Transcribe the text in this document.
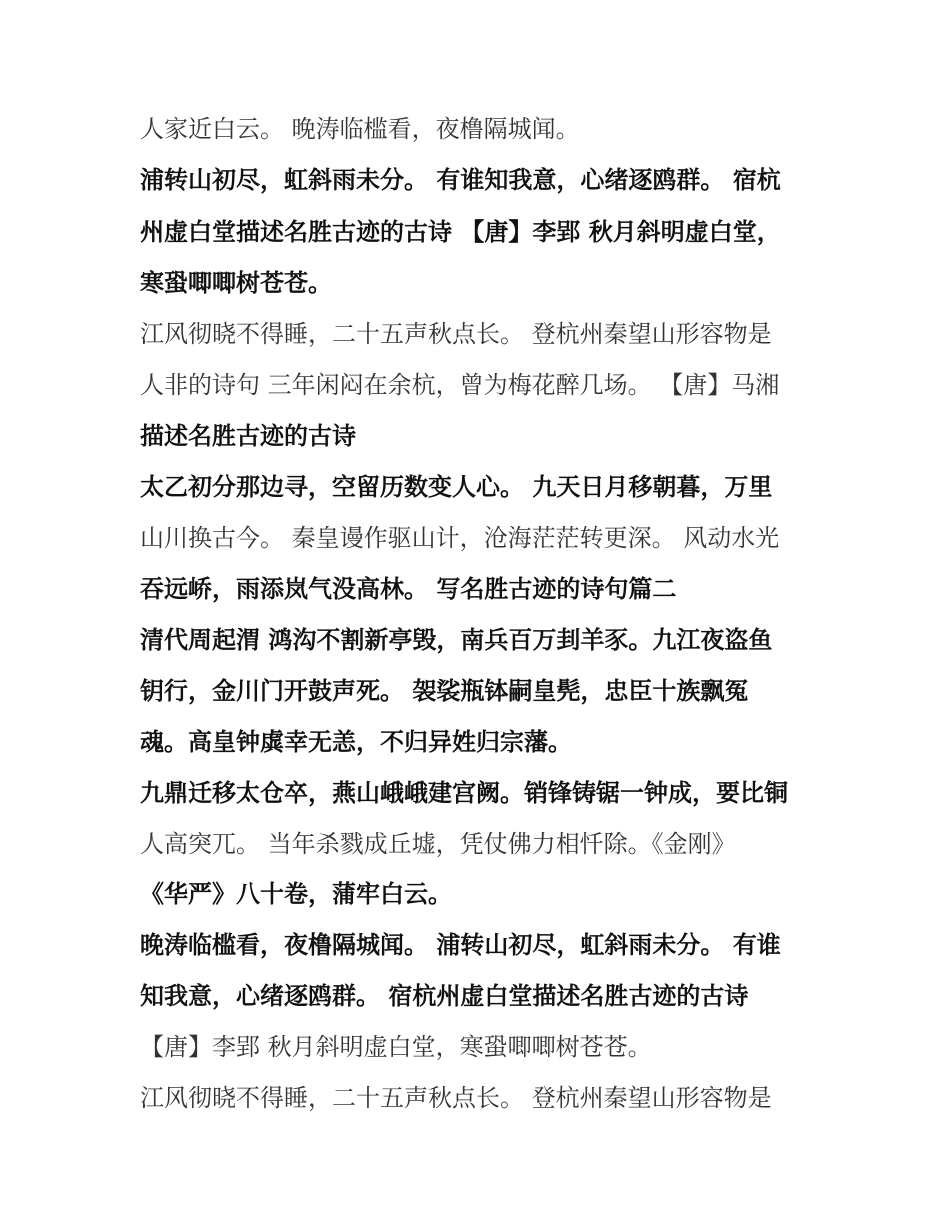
人家近白云。 晚涛临槛看，夜橹隔城闻。

浦转山初尽，虹斜雨未分。 有谁知我意，心绪逐鸥群。 宿杭

州虚白堂描述名胜古迹的古诗 【唐】李郢 秋月斜明虚白堂，

寒蛩唧唧树苍苍。

江风彻晓不得睡，二十五声秋点长。 登杭州秦望山形容物是

人非的诗句 三年闲闷在余杭，曾为梅花醉几场。 【唐】马湘

描述名胜古迹的古诗

太乙初分那边寻，空留历数变人心。 九天日月移朝暮，万里

山川换古今。 秦皇谩作驱山计，沧海茫茫转更深。 风动水光

吞远峤，雨添岚气没高林。 写名胜古迹的诗句篇二

清代周起渭 鸿沟不割新亭毁，南兵百万刲羊豕。九江夜盗鱼

钥行，金川门开鼓声死。 袈裟瓶钵嗣皇髡，忠臣十族飘冤

魂。高皇钟虡幸无恙，不归异姓归宗藩。

九鼎迁移太仓卒，燕山峨峨建宫阙。销锋铸锯一钟成，要比铜

人高突兀。 当年杀戮成丘墟，凭仗佛力相忏除。《金刚》

《华严》八十卷，蒲牢白云。

晚涛临槛看，夜橹隔城闻。 浦转山初尽，虹斜雨未分。 有谁

知我意，心绪逐鸥群。 宿杭州虚白堂描述名胜古迹的古诗

【唐】李郢 秋月斜明虚白堂，寒蛩唧唧树苍苍。

江风彻晓不得睡，二十五声秋点长。 登杭州秦望山形容物是
